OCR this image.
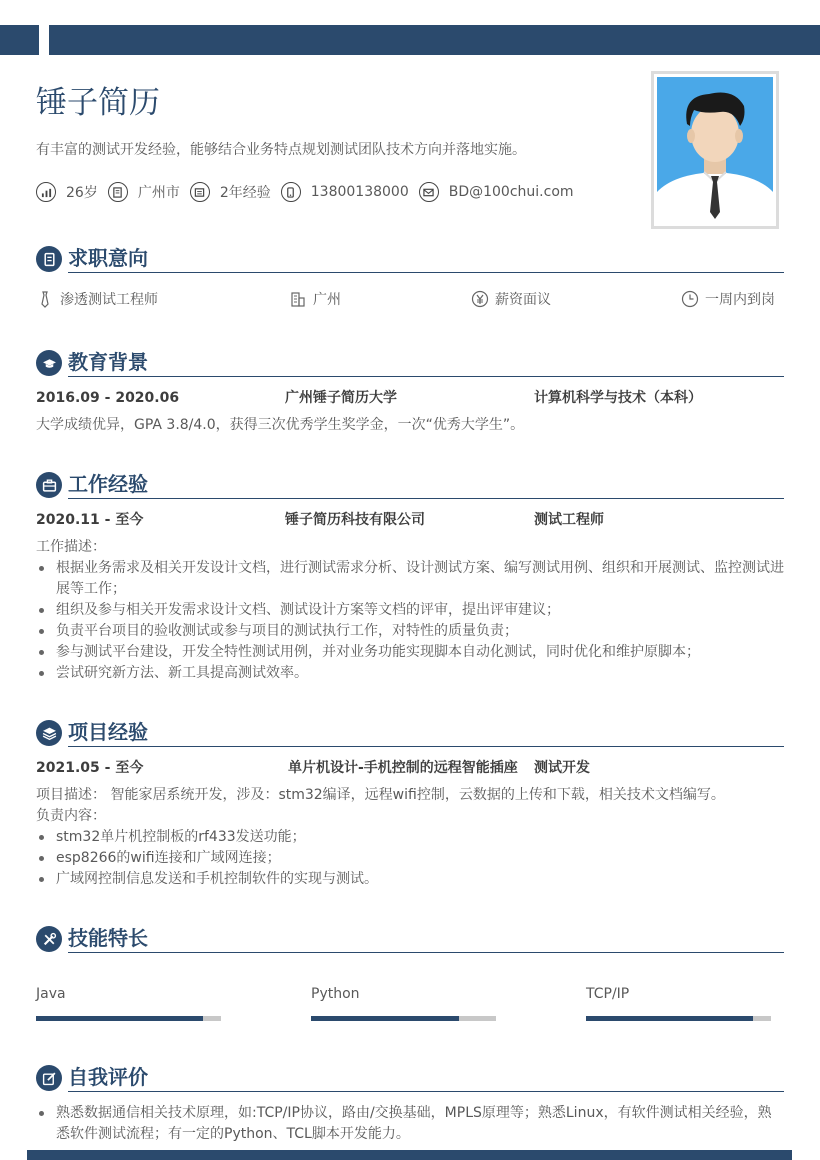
锤子简历
有丰富的测试开发经验，能够结合业务特点规划测试团队技术方向并落地实施。
26岁	广州市	2年经验	13800138000	BD@100chui.com
求职意向
渗透测试工程师	广州	薪资面议	一周内到岗
教育背景
2016.09 - 2020.06	广州锤子简历大学	计算机科学与技术（本科）
大学成绩优异，GPA 3.8/4.0，获得三次优秀学生奖学金，一次“优秀大学生”。
工作经验
2020.11 - 至今	锤子简历科技有限公司	测试工程师
工作描述：
根据业务需求及相关开发设计文档，进行测试需求分析、设计测试方案、编写测试用例、组织和开展测试、监控测试进展等工作；
组织及参与相关开发需求设计文档、测试设计方案等文档的评审，提出评审建议；
负责平台项目的验收测试或参与项目的测试执行工作，对特性的质量负责；
参与测试平台建设，开发全特性测试用例，并对业务功能实现脚本自动化测试，同时优化和维护原脚本；
尝试研究新方法、新工具提高测试效率。
项目经验
2021.05 - 至今	单片机设计-手机控制的远程智能插座 测试开发
项目描述： 智能家居系统开发，涉及：stm32编译，远程wifi控制，云数据的上传和下载，相关技术文档编写。
负责内容：
stm32单片机控制板的rf433发送功能；
esp8266的wifi连接和广域网连接；
广域网控制信息发送和手机控制软件的实现与测试。
技能特长
Java	Python	TCP/IP
自我评价
熟悉数据通信相关技术原理，如:TCP/IP协议，路由/交换基础，MPLS原理等；熟悉Linux，有软件测试相关经验，熟悉软件测试流程；有一定的Python、TCL脚本开发能力。
